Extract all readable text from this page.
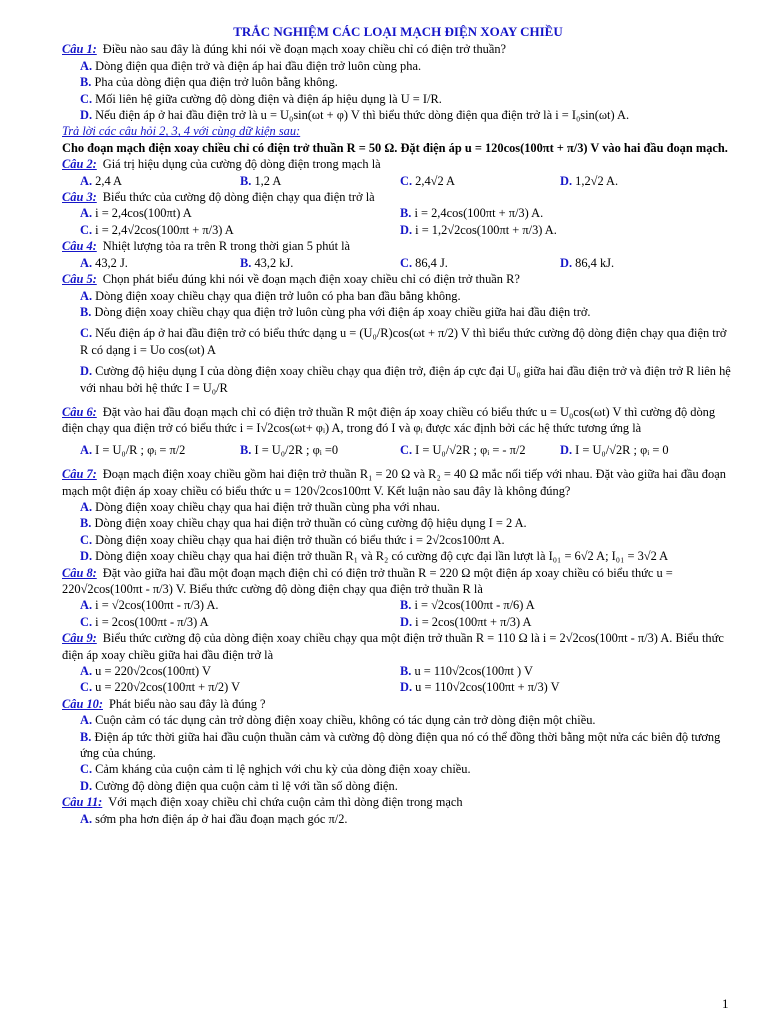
TRẮC NGHIỆM CÁC LOẠI MẠCH ĐIỆN XOAY CHIỀU

Câu 1: Điều nào sau đây là đúng khi nói về đoạn mạch xoay chiều chỉ có điện trở thuần?

A. Dòng điện qua điện trở và điện áp hai đầu điện trở luôn cùng pha.

B. Pha của dòng điện qua điện trở luôn bằng không.

C. Mối liên hệ giữa cường độ dòng điện và điện áp hiệu dụng là U = I/R.

D. Nếu điện áp ở hai đầu điện trở là u = U₀sin(ωt + φ) V thì biểu thức dòng điện qua điện trở là i = I₀sin(ωt) A.

Trả lời các câu hỏi 2, 3, 4 với cùng dữ kiện sau:

Cho đoạn mạch điện xoay chiều chỉ có điện trở thuần R = 50 Ω. Đặt điện áp u = 120cos(100πt + π/3) V vào hai đầu đoạn mạch.

Câu 2: Giá trị hiệu dụng của cường độ dòng điện trong mạch là

A. 2,4 A	B. 1,2 A	C. 2,4√2 A	D. 1,2√2 A.

Câu 3: Biểu thức của cường độ dòng điện chạy qua điện trở là

A. i = 2,4cos(100πt) A	B. i = 2,4cos(100πt + π/3) A.
C. i = 2,4√2cos(100πt + π/3) A	D. i = 1,2√2cos(100πt + π/3) A.

Câu 4: Nhiệt lượng tỏa ra trên R trong thời gian 5 phút là

A. 43,2 J.	B. 43,2 kJ.	C. 86,4 J.	D. 86,4 kJ.

Câu 5: Chọn phát biểu đúng khi nói về đoạn mạch điện xoay chiều chỉ có điện trở thuần R?

A. Dòng điện xoay chiều chạy qua điện trở luôn có pha ban đầu bằng không.

B. Dòng điện xoay chiều chạy qua điện trở luôn cùng pha với điện áp xoay chiều giữa hai đầu điện trở.

C. Nếu điện áp ở hai đầu điện trở có biểu thức dạng u = (U₀/R)cos(ωt + π/2) V thì biểu thức cường độ dòng điện chạy qua điện trở R có dạng i = Uo cos(ωt) A

D. Cường độ hiệu dụng I của dòng điện xoay chiều chạy qua điện trở, điện áp cực đại U₀ giữa hai đầu điện trở và điện trở R liên hệ với nhau bởi hệ thức I = U₀/R

Câu 6: Đặt vào hai đầu đoạn mạch chỉ có điện trở thuần R một điện áp xoay chiều có biểu thức u = U₀cos(ωt) V thì cường độ dòng điện chạy qua điện trở có biểu thức i = I√2cos(ωt+ φᵢ) A, trong đó I và φᵢ được xác định bởi các hệ thức tương ứng là

A. I = U₀/R ; φᵢ = π/2	B. I = U₀/2R ; φᵢ =0	C. I = U₀/√2R ; φᵢ = - π/2	D. I = U₀/√2R ; φᵢ = 0

Câu 7: Đoạn mạch điện xoay chiều gồm hai điện trở thuần R₁ = 20 Ω và R₂ = 40 Ω mắc nối tiếp với nhau. Đặt vào giữa hai đầu đoạn mạch một điện áp xoay chiều có biểu thức u = 120√2cos100πt V. Kết luận nào sau đây là không đúng?

A. Dòng điện xoay chiều chạy qua hai điện trở thuần cùng pha với nhau.

B. Dòng điện xoay chiều chạy qua hai điện trở thuần có cùng cường độ hiệu dụng I = 2 A.

C. Dòng điện xoay chiều chạy qua hai điện trở thuần có biểu thức i = 2√2cos100πt A.

D. Dòng điện xoay chiều chạy qua hai điện trở thuần R₁ và R₂ có cường độ cực đại lần lượt là I₀₁ = 6√2 A; I₀₁ = 3√2 A

Câu 8: Đặt vào giữa hai đầu một đoạn mạch điện chỉ có điện trở thuần R = 220 Ω một điện áp xoay chiều có biểu thức u = 220√2cos(100πt - π/3) V. Biểu thức cường độ dòng điện chạy qua điện trở thuần R là

A. i = √2cos(100πt - π/3) A.	B. i = √2cos(100πt - π/6) A
C. i = 2cos(100πt - π/3) A	D. i = 2cos(100πt + π/3) A

Câu 9: Biểu thức cường độ của dòng điện xoay chiều chạy qua một điện trở thuần R = 110 Ω là i = 2√2cos(100πt - π/3) A. Biểu thức điện áp xoay chiều giữa hai đầu điện trở là

A. u = 220√2cos(100πt) V	B. u = 110√2cos(100πt ) V
C. u = 220√2cos(100πt + π/2) V	D. u = 110√2cos(100πt + π/3) V

Câu 10: Phát biểu nào sau đây là đúng ?

A. Cuộn cảm có tác dụng cản trở dòng điện xoay chiều, không có tác dụng cản trở dòng điện một chiều.

B. Điện áp tức thời giữa hai đầu cuộn thuần cảm và cường độ dòng điện qua nó có thể đồng thời bằng một nửa các biên độ tương ứng của chúng.

C. Cảm kháng của cuộn cảm tỉ lệ nghịch với chu kỳ của dòng điện xoay chiều.

D. Cường độ dòng điện qua cuộn cảm tỉ lệ với tần số dòng điện.

Câu 11: Với mạch điện xoay chiều chỉ chứa cuộn cảm thì dòng điện trong mạch

A. sớm pha hơn điện áp ở hai đầu đoạn mạch góc π/2.

1
